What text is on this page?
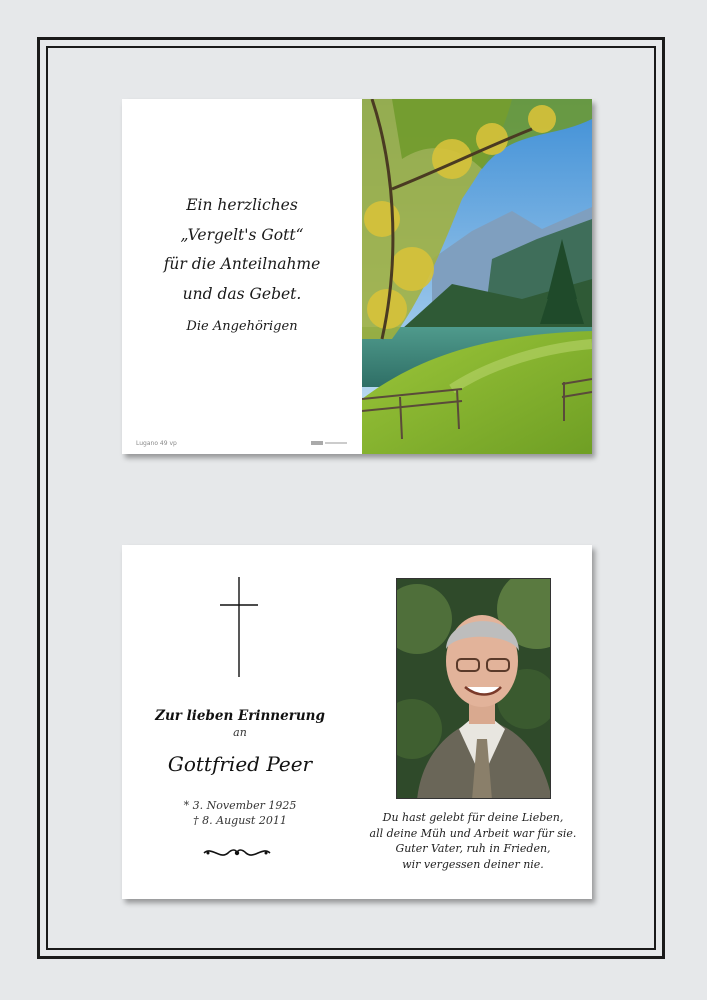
Ein herzliches
„Vergelt's Gott“
für die Anteilnahme
und das Gebet.
Die Angehörigen
Lugano 49 vp
Zur lieben Erinnerung
an
Gottfried Peer
* 3. November 1925
† 8. August 2011	Du hast gelebt für deine Lieben,
all deine Müh und Arbeit war für sie.
Guter Vater, ruh in Frieden,
wir vergessen deiner nie.
